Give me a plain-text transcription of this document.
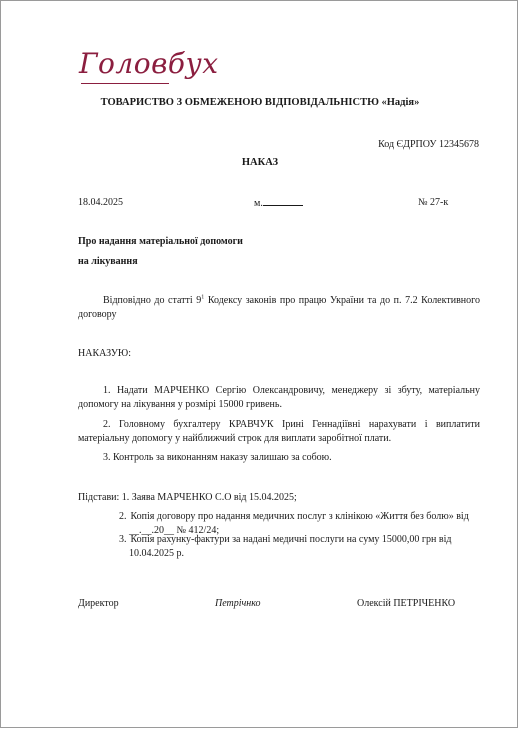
Головбух
ТОВАРИСТВО З ОБМЕЖЕНОЮ ВІДПОВІДАЛЬНІСТЮ «Надія»
Код ЄДРПОУ 12345678
НАКАЗ
18.04.2025	м.	№ 27-к
Про надання матеріальної допомоги
на лікування
Відповідно до статті $9^1$ Кодексу законів про працю України та до п. 7.2 Колективного договору
НАКАЗУЮ:
1. Надати МАРЧЕНКО Сергію Олександровичу, менеджеру зі збуту, матеріальну допомогу на лікування у розмірі 15000 гривень.
2. Головному бухгалтеру КРАВЧУК Ірині Геннадіївні нарахувати і виплатити матеріальну допомогу у найближчий строк для виплати заробітної плати.
3. Контроль за виконанням наказу залишаю за собою.
Підстави: 1. Заява МАРЧЕНКО С.О від 15.04.2025;
2. Копія договору про надання медичних послуг з клінікою «Життя без болю» від
__.__.20__ № 412/24;
3. Копія рахунку-фактури за надані медичні послуги на суму 15000,00 грн від
10.04.2025 р.
Директор	Петрічнко	Олексій ПЕТРІЧЕНКО
